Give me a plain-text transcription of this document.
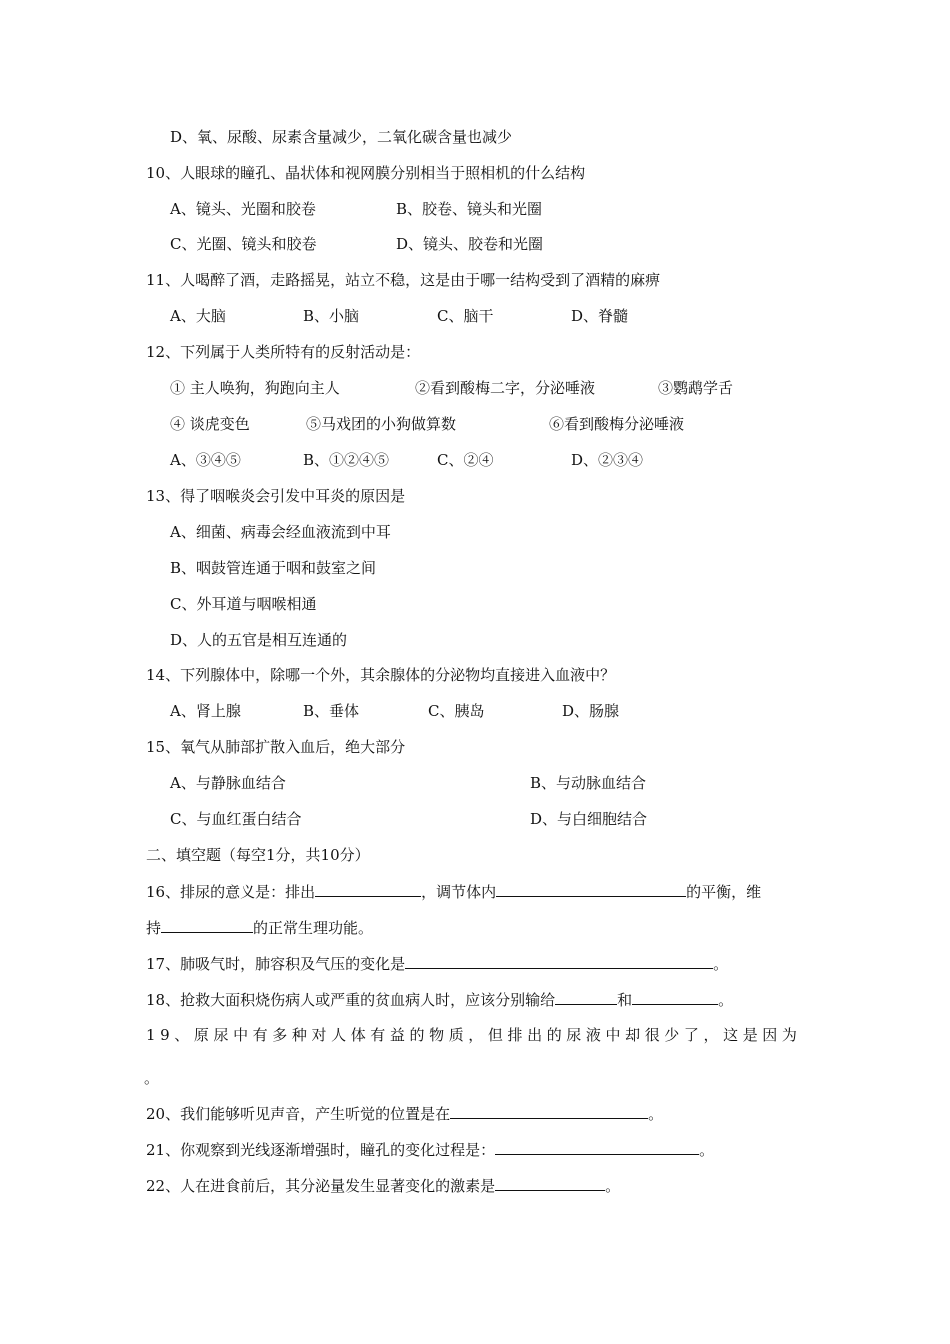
D、氧、尿酸、尿素含量减少，二氧化碳含量也减少
10、人眼球的瞳孔、晶状体和视网膜分别相当于照相机的什么结构
A、镜头、光圈和胶卷	B、胶卷、镜头和光圈
C、光圈、镜头和胶卷	D、镜头、胶卷和光圈
11、人喝醉了酒，走路摇晃，站立不稳，这是由于哪一结构受到了酒精的麻痹
A、大脑	B、小脑	C、脑干	D、脊髓
12、下列属于人类所特有的反射活动是：
① 主人唤狗，狗跑向主人	②看到酸梅二字，分泌唾液	③鹦鹉学舌
④ 谈虎变色	⑤马戏团的小狗做算数	⑥看到酸梅分泌唾液
A、③④⑤	B、①②④⑤	C、②④	D、②③④
13、得了咽喉炎会引发中耳炎的原因是
A、细菌、病毒会经血液流到中耳
B、咽鼓管连通于咽和鼓室之间
C、外耳道与咽喉相通
D、人的五官是相互连通的
14、下列腺体中，除哪一个外，其余腺体的分泌物均直接进入血液中？
A、肾上腺	B、垂体	C、胰岛	D、肠腺
15、氧气从肺部扩散入血后，绝大部分
A、与静脉血结合	B、与动脉血结合
C、与血红蛋白结合	D、与白细胞结合
二、填空题（每空1分，共10分）
16、排尿的意义是：排出	，调节体内	的平衡，维
持	的正常生理功能。
17、肺吸气时，肺容积及气压的变化是	。
18、抢救大面积烧伤病人或严重的贫血病人时，应该分别输给	和	。
19、原尿中有多种对人体有益的物质，但排出的尿液中却很少了，这是因为
。
20、我们能够听见声音，产生听觉的位置是在	。
21、你观察到光线逐渐增强时，瞳孔的变化过程是：	。
22、人在进食前后，其分泌量发生显著变化的激素是	。
